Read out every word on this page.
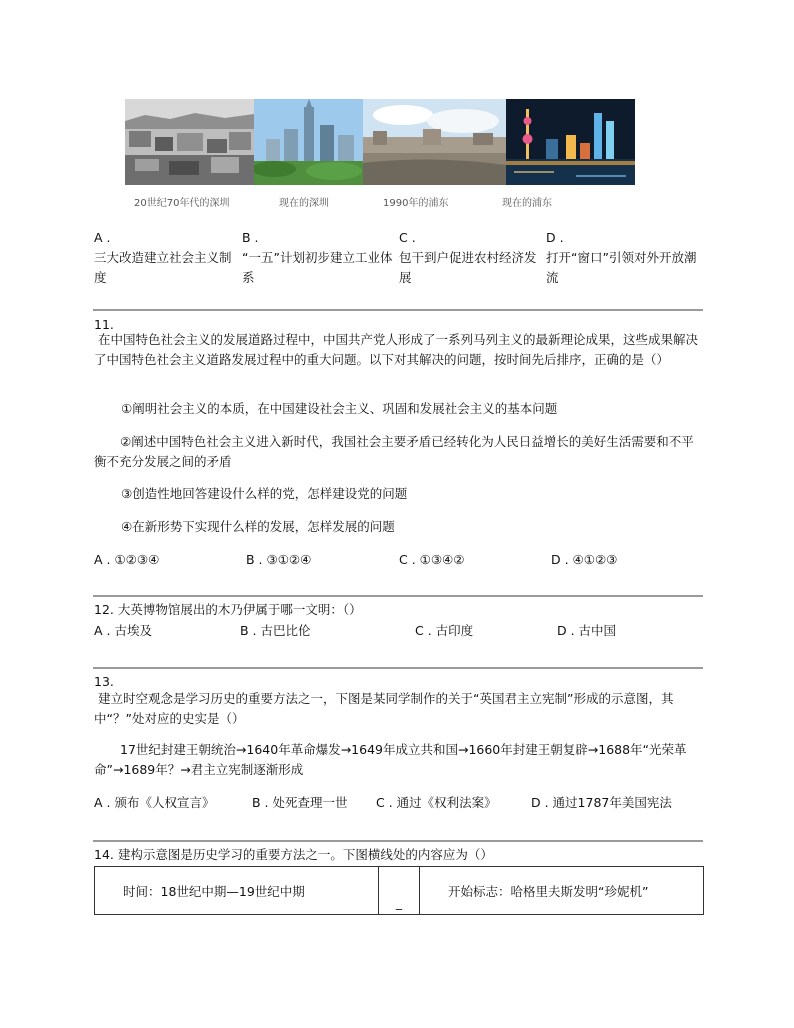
20世纪70年代的深圳	现在的深圳	1990年的浦东	现在的浦东
A .
三大改造建立社会主义制度
B .
“一五”计划初步建立工业体系
C .
包干到户促进农村经济发展
D .
打开“窗口”引领对外开放潮流
11.
在中国特色社会主义的发展道路过程中，中国共产党人形成了一系列马列主义的最新理论成果，这些成果解决了中国特色社会主义道路发展过程中的重大问题。以下对其解决的问题，按时间先后排序，正确的是（）
①阐明社会主义的本质，在中国建设社会主义、巩固和发展社会主义的基本问题
②阐述中国特色社会主义进入新时代，我国社会主要矛盾已经转化为人民日益增长的美好生活需要和不平衡不充分发展之间的矛盾
③创造性地回答建设什么样的党，怎样建设党的问题
④在新形势下实现什么样的发展，怎样发展的问题
A . ①②③④	B . ③①②④	C . ①③④②	D . ④①②③
12. 大英博物馆展出的木乃伊属于哪一文明：（）
A . 古埃及	B . 古巴比伦	C . 古印度	D . 古中国
13.
建立时空观念是学习历史的重要方法之一，下图是某同学制作的关于“英国君主立宪制”形成的示意图，其中“？”处对应的史实是（）
17世纪封建王朝统治→1640年革命爆发→1649年成立共和国→1660年封建王朝复辟→1688年“光荣革命”→1689年？→君主立宪制逐渐形成
A . 颁布《人权宣言》	B . 处死查理一世 C . 通过《权利法案》	D . 通过1787年美国宪法
14. 建构示意图是历史学习的重要方法之一。下图横线处的内容应为（）
时间：18世纪中期—19世纪中期	_	开始标志：哈格里夫斯发明“珍妮机”
